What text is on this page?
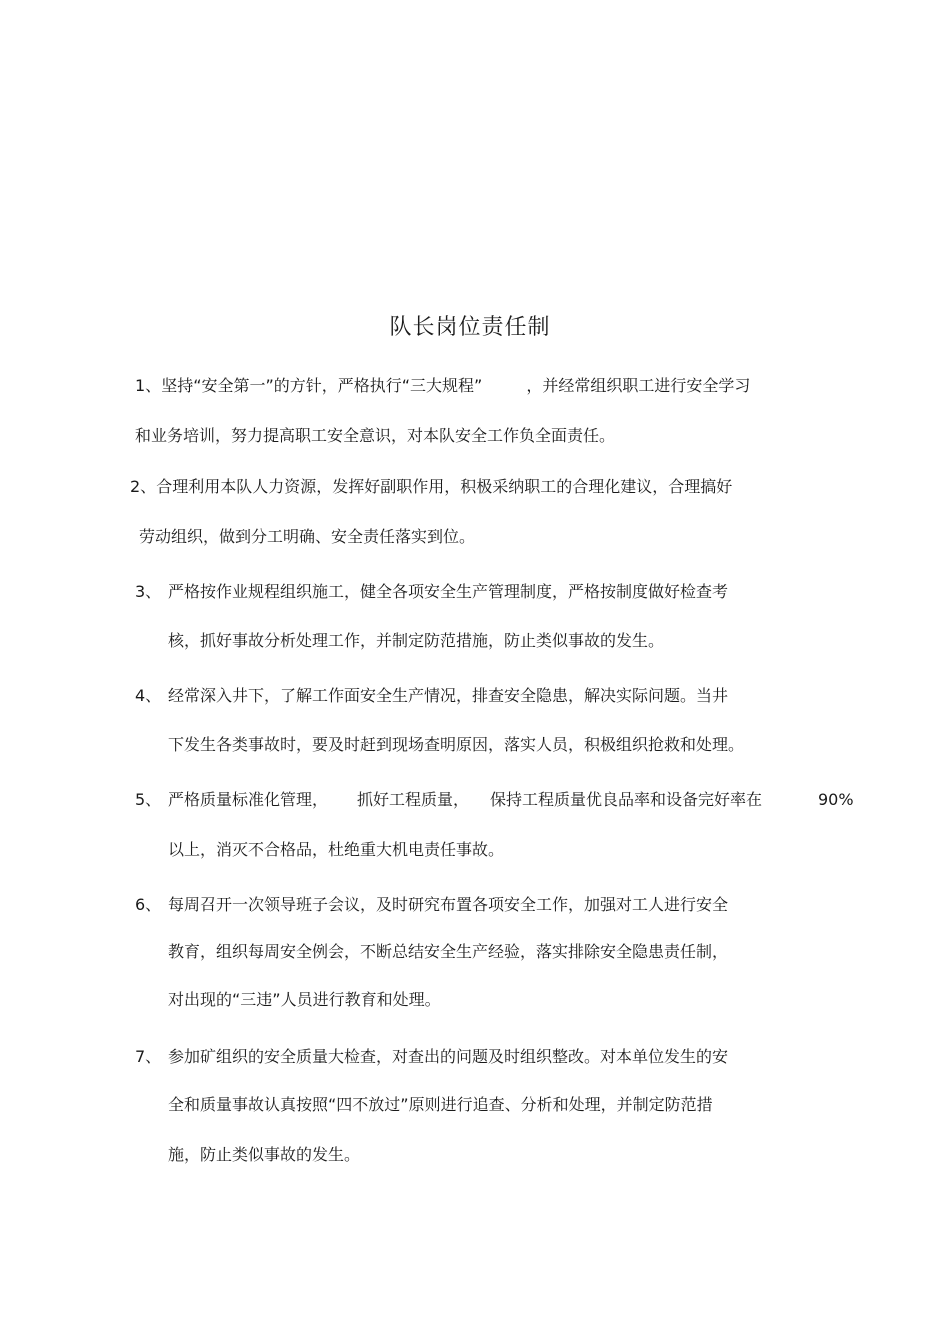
队长岗位责任制
1、坚持“安全第一”的方针，严格执行“三大规程”	，并经常组织职工进行安全学习
和业务培训，努力提高职工安全意识，对本队安全工作负全面责任。
2、合理利用本队人力资源，发挥好副职作用，积极采纳职工的合理化建议，合理搞好
劳动组织，做到分工明确、安全责任落实到位。
3、 严格按作业规程组织施工，健全各项安全生产管理制度，严格按制度做好检查考
核，抓好事故分析处理工作，并制定防范措施，防止类似事故的发生。
4、 经常深入井下，了解工作面安全生产情况，排查安全隐患，解决实际问题。当井
下发生各类事故时，要及时赶到现场查明原因，落实人员，积极组织抢救和处理。
5、 严格质量标准化管理， 抓好工程质量， 保持工程质量优良品率和设备完好率在	90%
以上，消灭不合格品，杜绝重大机电责任事故。
6、 每周召开一次领导班子会议，及时研究布置各项安全工作，加强对工人进行安全
教育，组织每周安全例会，不断总结安全生产经验，落实排除安全隐患责任制，
对出现的“三违”人员进行教育和处理。
7、 参加矿组织的安全质量大检查，对查出的问题及时组织整改。对本单位发生的安
全和质量事故认真按照“四不放过”原则进行追查、分析和处理，并制定防范措
施，防止类似事故的发生。
